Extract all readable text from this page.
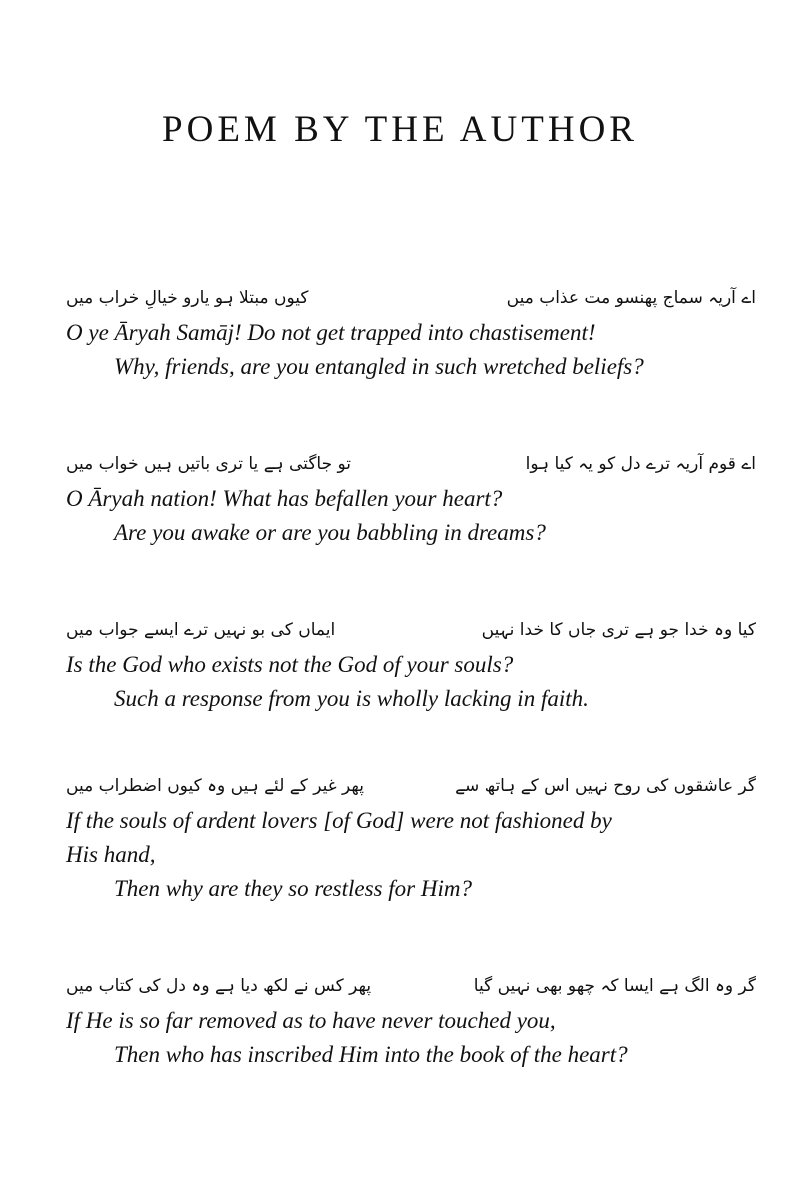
POEM BY THE AUTHOR
اے آریہ سماج پھنسو مت عذاب میں
کیوں مبتلا ہو یارو خیالِ خراب میں
O ye Āryah Samāj! Do not get trapped into chastisement!
Why, friends, are you entangled in such wretched beliefs?
اے قوم آریہ ترے دل کو یہ کیا ہوا
تو جاگتی ہے یا تری باتیں ہیں خواب میں
O Āryah nation! What has befallen your heart?
Are you awake or are you babbling in dreams?
کیا وہ خدا جو ہے تری جاں کا خدا نہیں
ایماں کی بو نہیں ترے ایسے جواب میں
Is the God who exists not the God of your souls?
Such a response from you is wholly lacking in faith.
گر عاشقوں کی روح نہیں اس کے ہاتھ سے
پھر غیر کے لئے ہیں وہ کیوں اضطراب میں
If the souls of ardent lovers [of God] were not fashioned by
His hand,
Then why are they so restless for Him?
گر وہ الگ ہے ایسا کہ چھو بھی نہیں گیا
پھر کس نے لکھ دیا ہے وہ دل کی کتاب میں
If He is so far removed as to have never touched you,
Then who has inscribed Him into the book of the heart?
